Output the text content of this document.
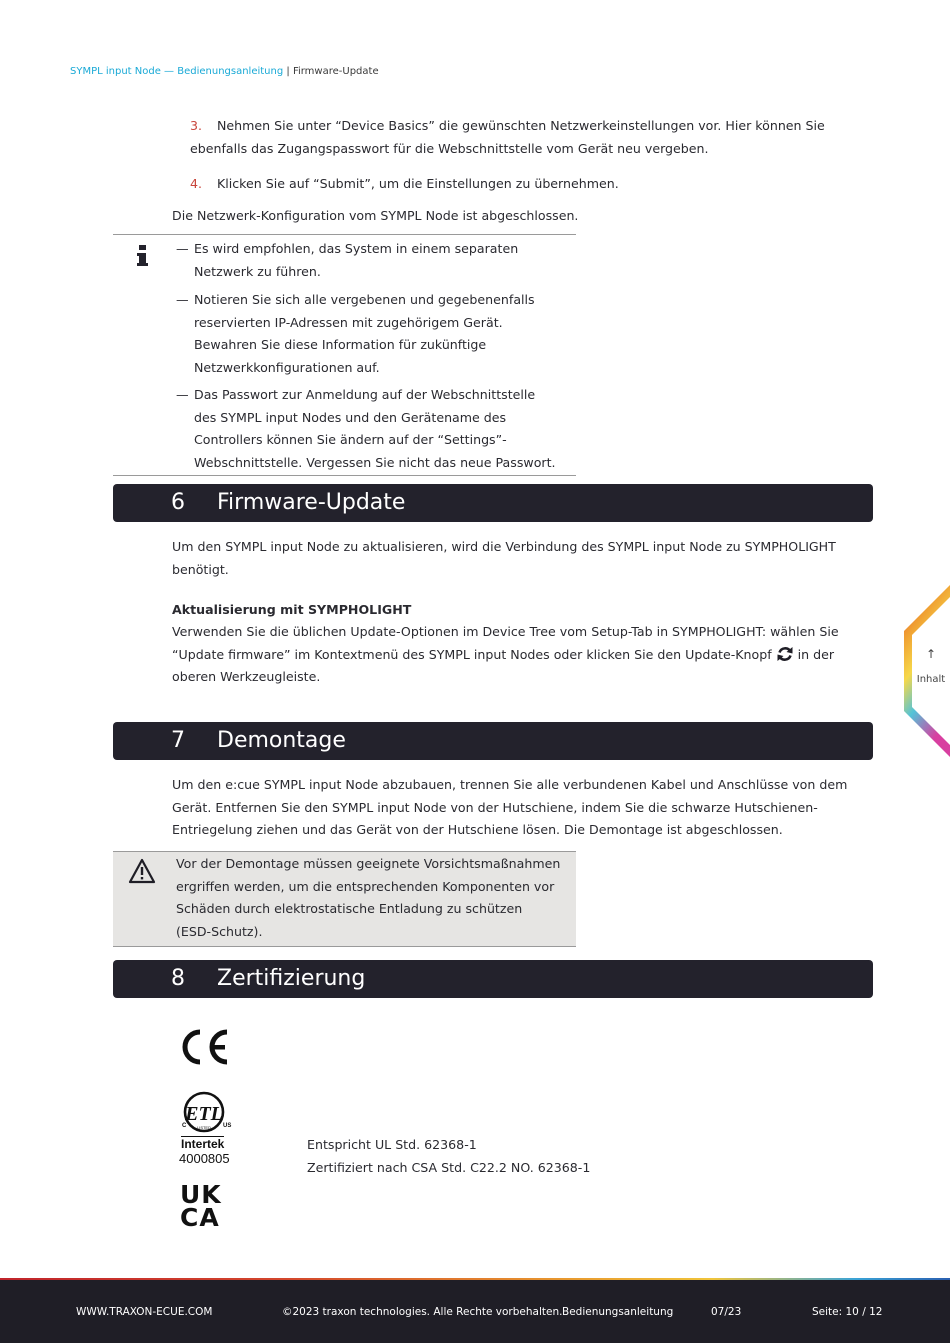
SYMPL input Node — Bedienungsanleitung | Firmware-Update
3. Nehmen Sie unter “Device Basics” die gewünschten Netzwerkeinstellungen vor. Hier können Sie
ebenfalls das Zugangspasswort für die Webschnittstelle vom Gerät neu vergeben.
4. Klicken Sie auf “Submit”, um die Einstellungen zu übernehmen.
Die Netzwerk-Konfiguration vom SYMPL Node ist abgeschlossen.
— Es wird empfohlen, das System in einem separaten
Netzwerk zu führen.
— Notieren Sie sich alle vergebenen und gegebenenfalls
reservierten IP-Adressen mit zugehörigem Gerät.
Bewahren Sie diese Information für zukünftige
Netzwerkkonfigurationen auf.
— Das Passwort zur Anmeldung auf der Webschnittstelle
des SYMPL input Nodes und den Gerätename des
Controllers können Sie ändern auf der “Settings”-
Webschnittstelle. Vergessen Sie nicht das neue Passwort.
6 Firmware-Update
Um den SYMPL input Node zu aktualisieren, wird die Verbindung des SYMPL input Node zu SYMPHOLIGHT
benötigt.
Aktualisierung mit SYMPHOLIGHT
Verwenden Sie die üblichen Update-Optionen im Device Tree vom Setup-Tab in SYMPHOLIGHT: wählen Sie
“Update firmware” im Kontextmenü des SYMPL input Nodes oder klicken Sie den Update-Knopf in der
oberen Werkzeugleiste.
7 Demontage
Um den e:cue SYMPL input Node abzubauen, trennen Sie alle verbundenen Kabel und Anschlüsse von dem
Gerät. Entfernen Sie den SYMPL input Node von der Hutschiene, indem Sie die schwarze Hutschienen-
Entriegelung ziehen und das Gerät von der Hutschiene lösen. Die Demontage ist abgeschlossen.
Vor der Demontage müssen geeignete Vorsichtsmaßnahmen
ergriffen werden, um die entsprechenden Komponenten vor
Schäden durch elektrostatische Entladung zu schützen
(ESD-Schutz).
8 Zertifizierung
ETL
LISTED
C	US
Intertek
4000805
Entspricht UL Std. 62368-1
Zertifiziert nach CSA Std. C22.2 NO. 62368-1
UK
CA
↑
Inhalt
WWW.TRAXON-ECUE.COM	©2023 traxon technologies. Alle Rechte vorbehalten. Bedienungsanleitung	07/23	Seite: 10 / 12
